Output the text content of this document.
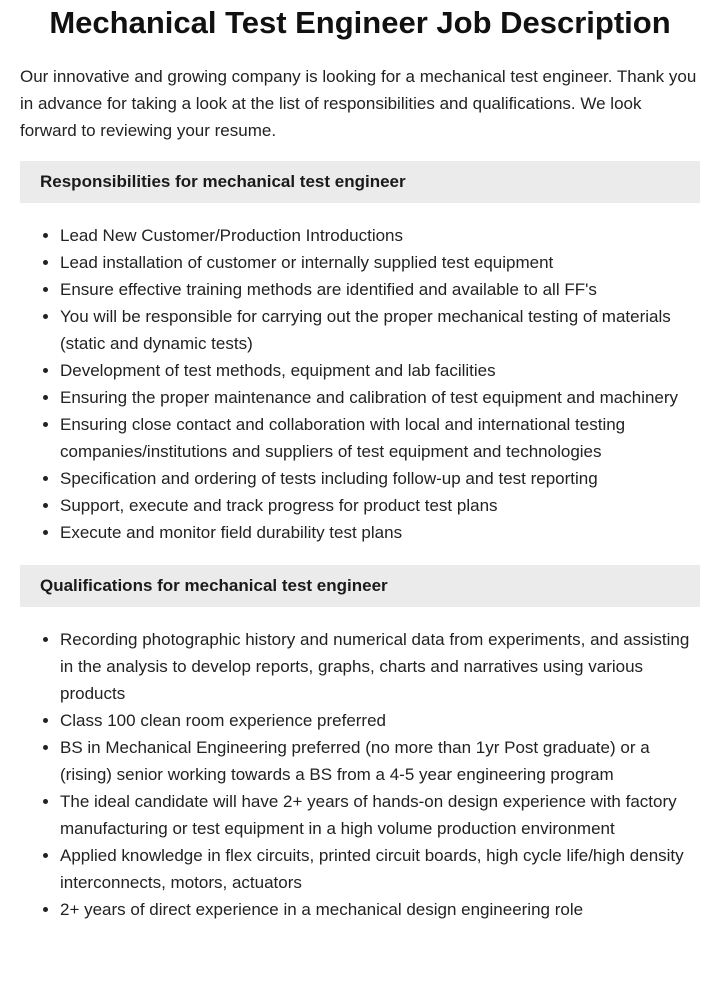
Mechanical Test Engineer Job Description

Our innovative and growing company is looking for a mechanical test engineer. Thank you in advance for taking a look at the list of responsibilities and qualifications. We look forward to reviewing your resume.

Responsibilities for mechanical test engineer
• Lead New Customer/Production Introductions
• Lead installation of customer or internally supplied test equipment
• Ensure effective training methods are identified and available to all FF's
• You will be responsible for carrying out the proper mechanical testing of materials (static and dynamic tests)
• Development of test methods, equipment and lab facilities
• Ensuring the proper maintenance and calibration of test equipment and machinery
• Ensuring close contact and collaboration with local and international testing companies/institutions and suppliers of test equipment and technologies
• Specification and ordering of tests including follow-up and test reporting
• Support, execute and track progress for product test plans
• Execute and monitor field durability test plans
Qualifications for mechanical test engineer
• Recording photographic history and numerical data from experiments, and assisting in the analysis to develop reports, graphs, charts and narratives using various products
• Class 100 clean room experience preferred
• BS in Mechanical Engineering preferred (no more than 1yr Post graduate) or a (rising) senior working towards a BS from a 4-5 year engineering program
• The ideal candidate will have 2+ years of hands-on design experience with factory manufacturing or test equipment in a high volume production environment
• Applied knowledge in flex circuits, printed circuit boards, high cycle life/high density interconnects, motors, actuators
• 2+ years of direct experience in a mechanical design engineering role
